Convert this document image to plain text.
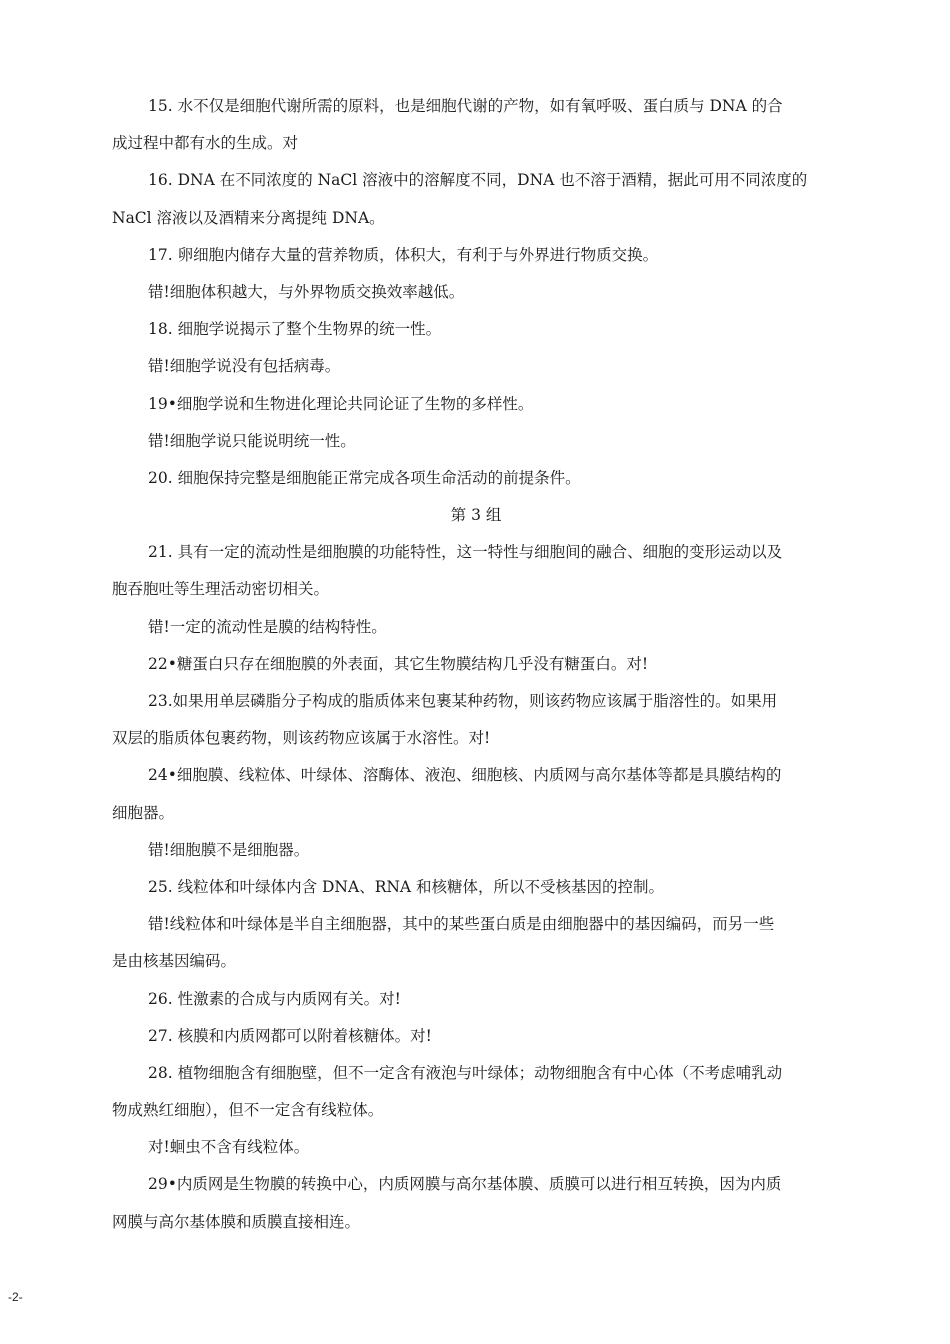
15. 水不仅是细胞代谢所需的原料，也是细胞代谢的产物，如有氧呼吸、蛋白质与 DNA 的合
成过程中都有水的生成。对
16. DNA 在不同浓度的 NaCl 溶液中的溶解度不同，DNA 也不溶于酒精，据此可用不同浓度的
NaCl 溶液以及酒精来分离提纯 DNA。
17. 卵细胞内储存大量的营养物质，体积大，有利于与外界进行物质交换。
错!细胞体积越大，与外界物质交换效率越低。
18. 细胞学说揭示了整个生物界的统一性。
错!细胞学说没有包括病毒。
19•细胞学说和生物进化理论共同论证了生物的多样性。
错!细胞学说只能说明统一性。
20. 细胞保持完整是细胞能正常完成各项生命活动的前提条件。
第 3 组
21. 具有一定的流动性是细胞膜的功能特性，这一特性与细胞间的融合、细胞的变形运动以及
胞吞胞吐等生理活动密切相关。
错!一定的流动性是膜的结构特性。
22•糖蛋白只存在细胞膜的外表面，其它生物膜结构几乎没有糖蛋白。对!
23.如果用单层磷脂分子构成的脂质体来包裹某种药物，则该药物应该属于脂溶性的。如果用
双层的脂质体包裹药物，则该药物应该属于水溶性。对!
24•细胞膜、线粒体、叶绿体、溶酶体、液泡、细胞核、内质网与高尔基体等都是具膜结构的
细胞器。
错!细胞膜不是细胞器。
25. 线粒体和叶绿体内含 DNA、RNA 和核糖体，所以不受核基因的控制。
错!线粒体和叶绿体是半自主细胞器，其中的某些蛋白质是由细胞器中的基因编码，而另一些
是由核基因编码。
26. 性激素的合成与内质网有关。对!
27. 核膜和内质网都可以附着核糖体。对!
28. 植物细胞含有细胞壁，但不一定含有液泡与叶绿体；动物细胞含有中心体（不考虑哺乳动
物成熟红细胞），但不一定含有线粒体。
对!蛔虫不含有线粒体。
29•内质网是生物膜的转换中心，内质网膜与高尔基体膜、质膜可以进行相互转换，因为内质
网膜与高尔基体膜和质膜直接相连。
-2-
